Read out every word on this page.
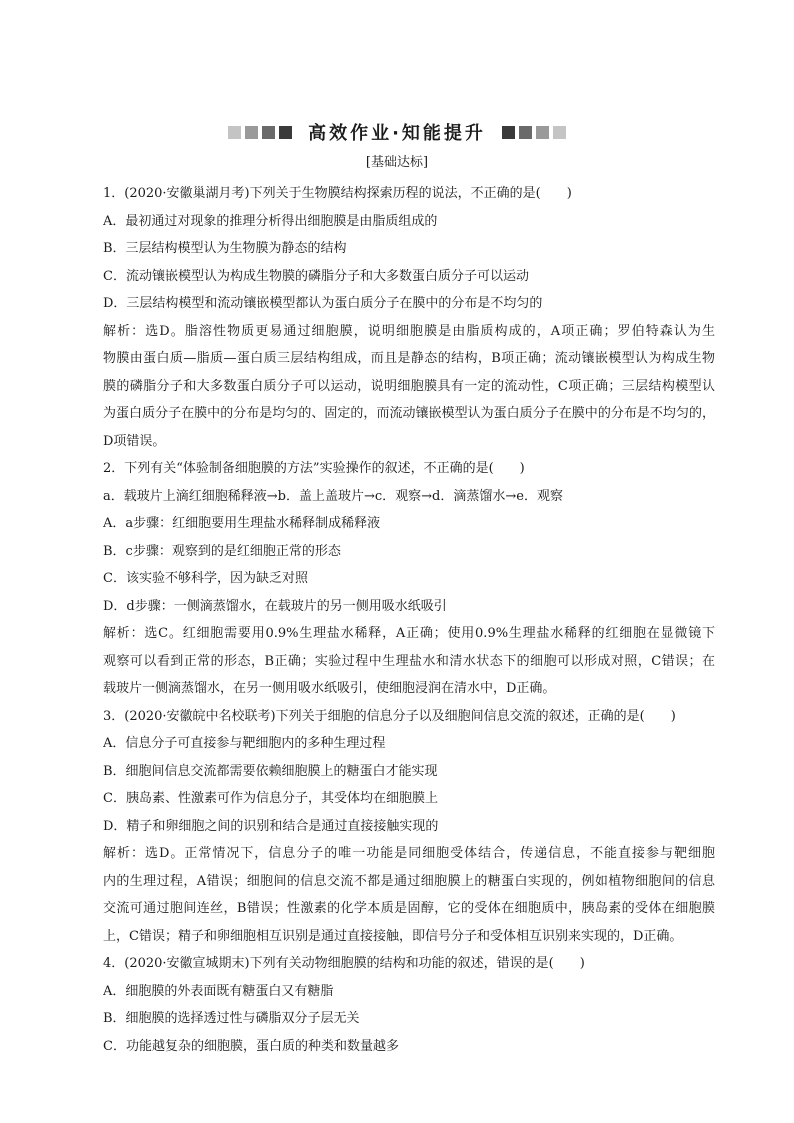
高效作业·知能提升
[基础达标]
1．(2020·安徽巢湖月考)下列关于生物膜结构探索历程的说法，不正确的是(　　)
A．最初通过对现象的推理分析得出细胞膜是由脂质组成的
B．三层结构模型认为生物膜为静态的结构
C．流动镶嵌模型认为构成生物膜的磷脂分子和大多数蛋白质分子可以运动
D．三层结构模型和流动镶嵌模型都认为蛋白质分子在膜中的分布是不均匀的
解析：选D。脂溶性物质更易通过细胞膜，说明细胞膜是由脂质构成的，A项正确；罗伯特森认为生
物膜由蛋白质—脂质—蛋白质三层结构组成，而且是静态的结构，B项正确；流动镶嵌模型认为构成生物
膜的磷脂分子和大多数蛋白质分子可以运动，说明细胞膜具有一定的流动性，C项正确；三层结构模型认
为蛋白质分子在膜中的分布是均匀的、固定的，而流动镶嵌模型认为蛋白质分子在膜中的分布是不均匀的，
D项错误。
2．下列有关“体验制备细胞膜的方法”实验操作的叙述，不正确的是(　　)
a．载玻片上滴红细胞稀释液→b．盖上盖玻片→c．观察→d．滴蒸馏水→e．观察
A．a步骤：红细胞要用生理盐水稀释制成稀释液
B．c步骤：观察到的是红细胞正常的形态
C．该实验不够科学，因为缺乏对照
D．d步骤：一侧滴蒸馏水，在载玻片的另一侧用吸水纸吸引
解析：选C。红细胞需要用0.9%生理盐水稀释，A正确；使用0.9%生理盐水稀释的红细胞在显微镜下
观察可以看到正常的形态，B正确；实验过程中生理盐水和清水状态下的细胞可以形成对照，C错误；在
载玻片一侧滴蒸馏水，在另一侧用吸水纸吸引，使细胞浸润在清水中，D正确。
3．(2020·安徽皖中名校联考)下列关于细胞的信息分子以及细胞间信息交流的叙述，正确的是(　　)
A．信息分子可直接参与靶细胞内的多种生理过程
B．细胞间信息交流都需要依赖细胞膜上的糖蛋白才能实现
C．胰岛素、性激素可作为信息分子，其受体均在细胞膜上
D．精子和卵细胞之间的识别和结合是通过直接接触实现的
解析：选D。正常情况下，信息分子的唯一功能是同细胞受体结合，传递信息，不能直接参与靶细胞
内的生理过程，A错误；细胞间的信息交流不都是通过细胞膜上的糖蛋白实现的，例如植物细胞间的信息
交流可通过胞间连丝，B错误；性激素的化学本质是固醇，它的受体在细胞质中，胰岛素的受体在细胞膜
上，C错误；精子和卵细胞相互识别是通过直接接触，即信号分子和受体相互识别来实现的，D正确。
4．(2020·安徽宣城期末)下列有关动物细胞膜的结构和功能的叙述，错误的是(　　)
A．细胞膜的外表面既有糖蛋白又有糖脂
B．细胞膜的选择透过性与磷脂双分子层无关
C．功能越复杂的细胞膜，蛋白质的种类和数量越多
